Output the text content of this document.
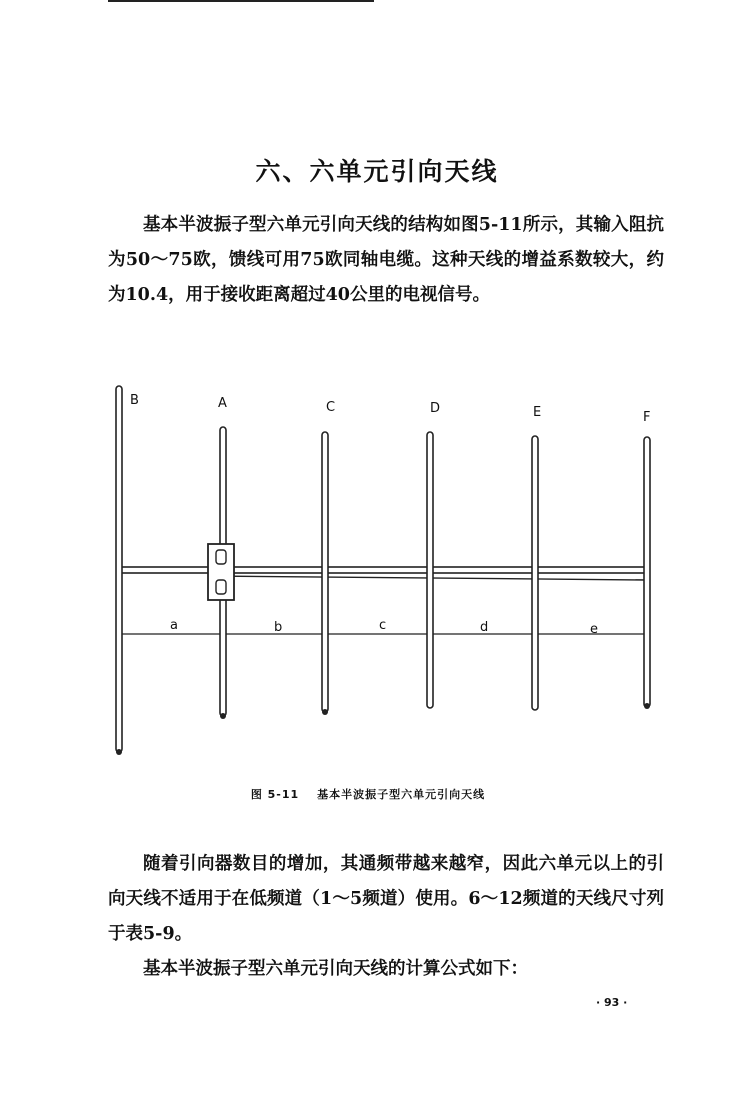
六、六单元引向天线

基本半波振子型六单元引向天线的结构如图5-11所示，其输入阻抗为50～75欧，馈线可用75欧同轴电缆。这种天线的增益系数较大，约为10.4，用于接收距离超过40公里的电视信号。

B	A	C	D	E	F
a	b	c	d	e
图 5-11 基本半波振子型六单元引向天线

随着引向器数目的增加，其通频带越来越窄，因此六单元以上的引向天线不适用于在低频道（1～5频道）使用。6～12频道的天线尺寸列于表5-9。

基本半波振子型六单元引向天线的计算公式如下：

· 93 ·
